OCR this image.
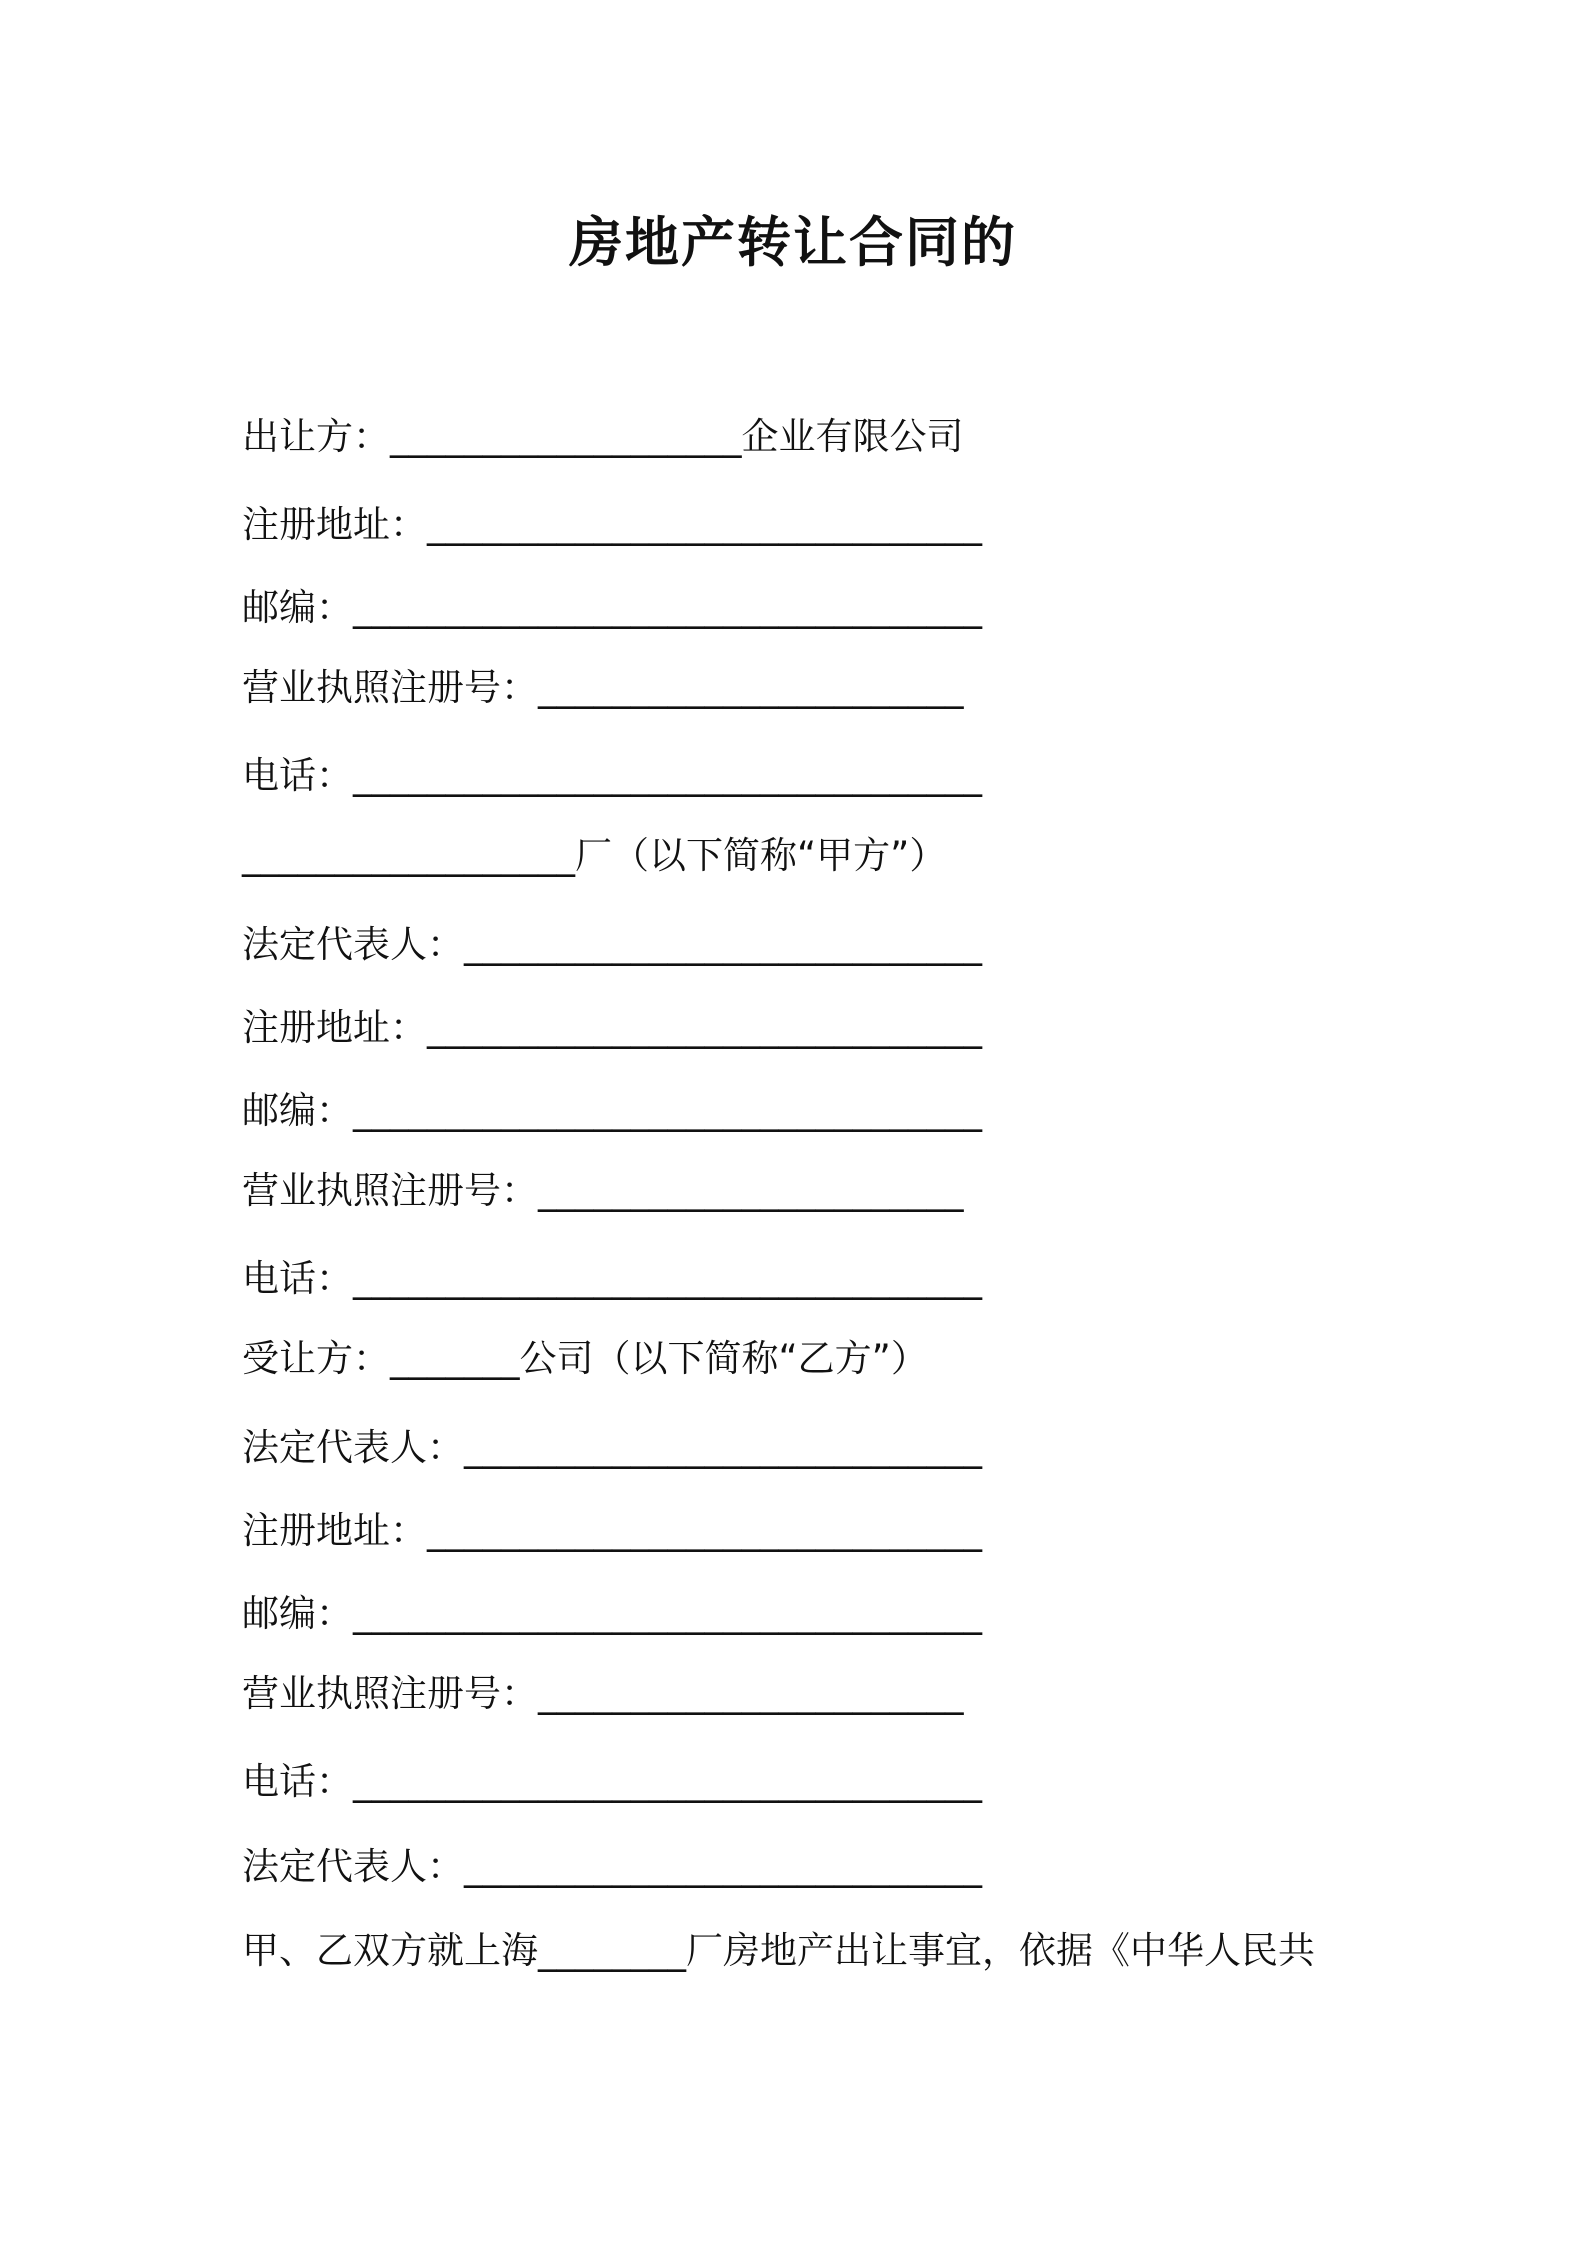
房地产转让合同的
出让方：___________________企业有限公司
注册地址：______________________________
邮编：__________________________________
营业执照注册号：_______________________
电话：__________________________________
__________________厂（以下简称“甲方”）
法定代表人：____________________________
注册地址：______________________________
邮编：__________________________________
营业执照注册号：_______________________
电话：__________________________________
受让方：_______公司（以下简称“乙方”）
法定代表人：____________________________
注册地址：______________________________
邮编：__________________________________
营业执照注册号：_______________________
电话：__________________________________
法定代表人：____________________________
甲、乙双方就上海________厂房地产出让事宜，依据《中华人民共
